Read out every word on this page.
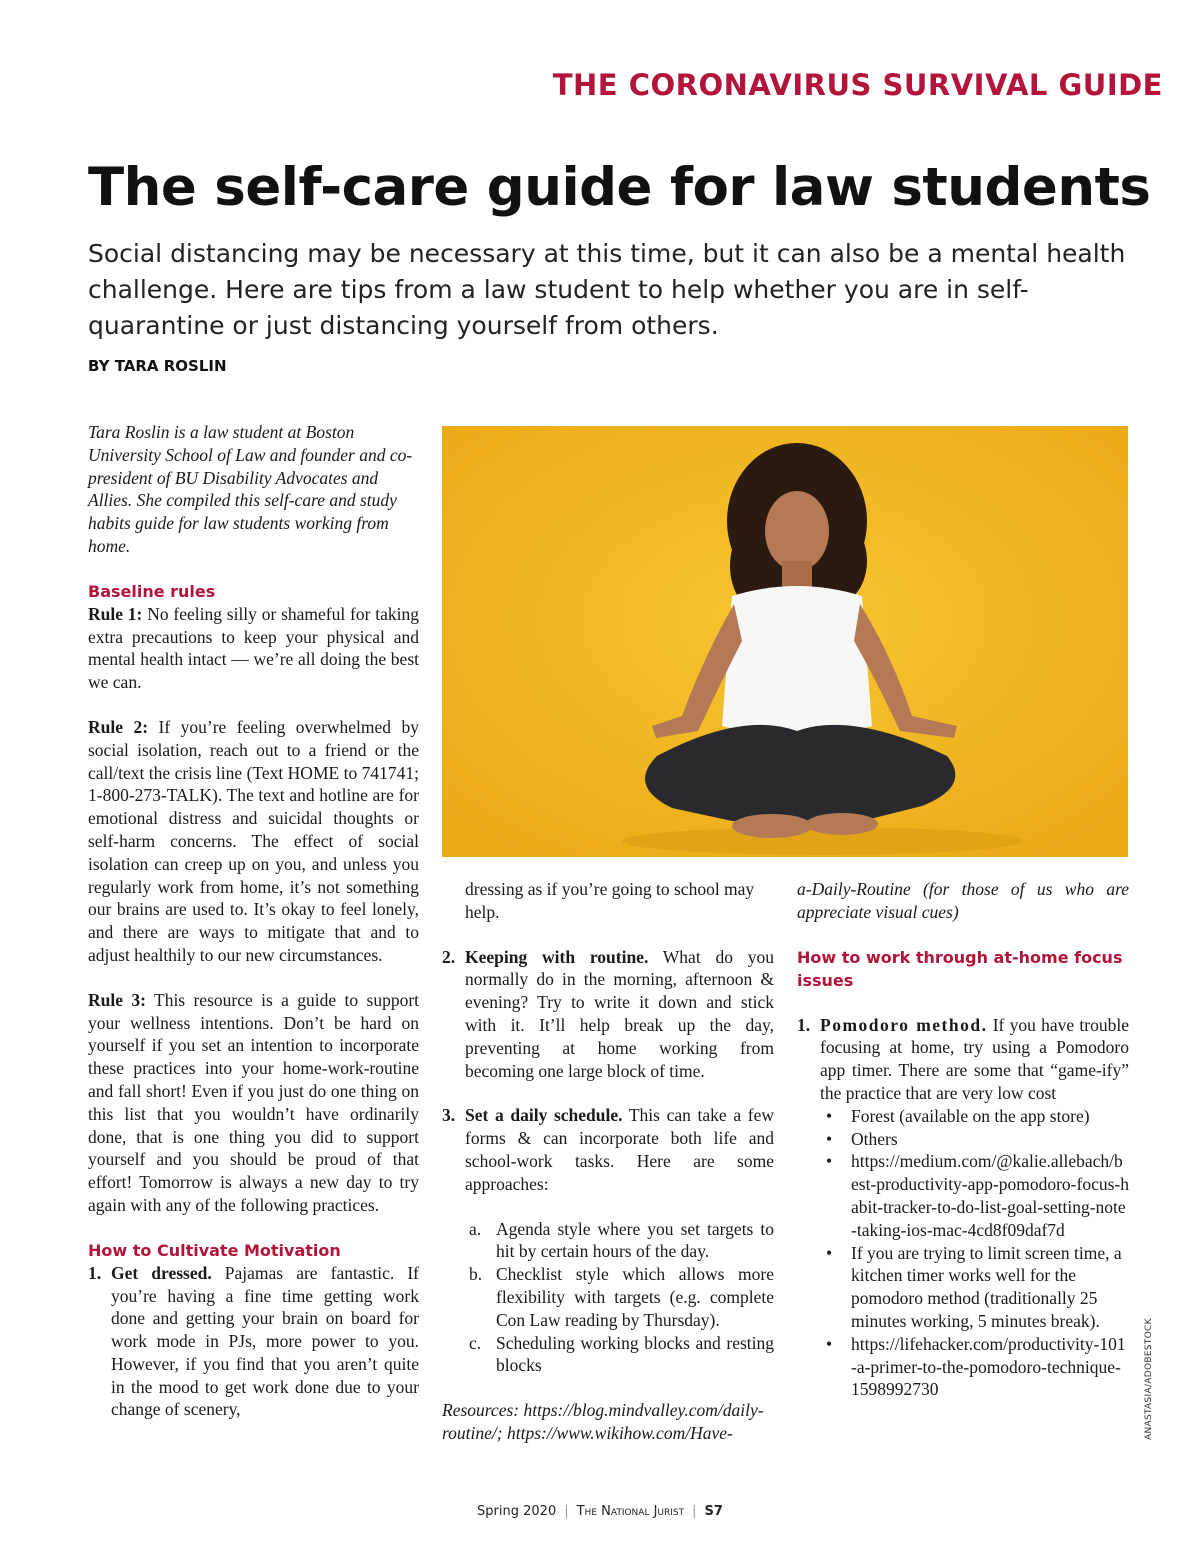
THE CORONAVIRUS SURVIVAL GUIDE
The self-care guide for law students
Social distancing may be necessary at this time, but it can also be a mental health challenge. Here are tips from a law student to help whether you are in self-quarantine or just distancing yourself from others.
BY TARA ROSLIN

Tara Roslin is a law student at Boston University School of Law and founder and co-president of BU Disability Advocates and Allies. She compiled this self-care and study habits guide for law students working from home.

Baseline rules

Rule 1: No feeling silly or shameful for taking extra precautions to keep your physical and mental health intact — we’re all doing the best we can.

Rule 2: If you’re feeling overwhelmed by social isolation, reach out to a friend or the call/text the crisis line (Text HOME to 741741; 1-800-273-TALK). The text and hotline are for emotional distress and suicidal thoughts or self-harm concerns. The effect of social isolation can creep up on you, and unless you regularly work from home, it’s not something our brains are used to. It’s okay to feel lonely, and there are ways to mitigate that and to adjust healthily to our new circumstances.

Rule 3: This resource is a guide to support your wellness intentions. Don’t be hard on yourself if you set an intention to incorporate these practices into your home-work-routine and fall short! Even if you just do one thing on this list that you wouldn’t have ordinarily done, that is one thing you did to support yourself and you should be proud of that effort! Tomorrow is always a new day to try again with any of the following practices.

How to Cultivate Motivation
1. Get dressed. Pajamas are fantastic. If you’re having a fine time getting work done and getting your brain on board for work mode in PJs, more power to you. However, if you find that you aren’t quite in the mood to get work done due to your change of scenery,
dressing as if you’re going to school may help.
2. Keeping with routine. What do you normally do in the morning, afternoon & evening? Try to write it down and stick with it. It’ll help break up the day, preventing at home working from becoming one large block of time.
3. Set a daily schedule. This can take a few forms & can incorporate both life and school-work tasks. Here are some approaches:
a. Agenda style where you set targets to hit by certain hours of the day.
b. Checklist style which allows more flexibility with targets (e.g. complete Con Law reading by Thursday).
c. Scheduling working blocks and resting blocks

Resources: https://blog.mindvalley.com/daily-routine/; https://www.wikihow.com/Have-

a-Daily-Routine (for those of us who are appreciate visual cues)

How to work through at-home focus issues
1. Pomodoro method. If you have trouble focusing at home, try using a Pomodoro app timer. There are some that “game-ify” the practice that are very low cost
• Forest (available on the app store)
• Others
• https://medium.com/@kalie.allebach/best-productivity-app-pomodoro-focus-habit-tracker-to-do-list-goal-setting-note-taking-ios-mac-4cd8f09daf7d
• If you are trying to limit screen time, a kitchen timer works well for the pomodoro method (traditionally 25 minutes working, 5 minutes break).
• https://lifehacker.com/productivity-101-a-primer-to-the-pomodoro-technique-1598992730	ANASTASIA/ADOBESTOCK
Spring 2020 | The National Jurist | S7
